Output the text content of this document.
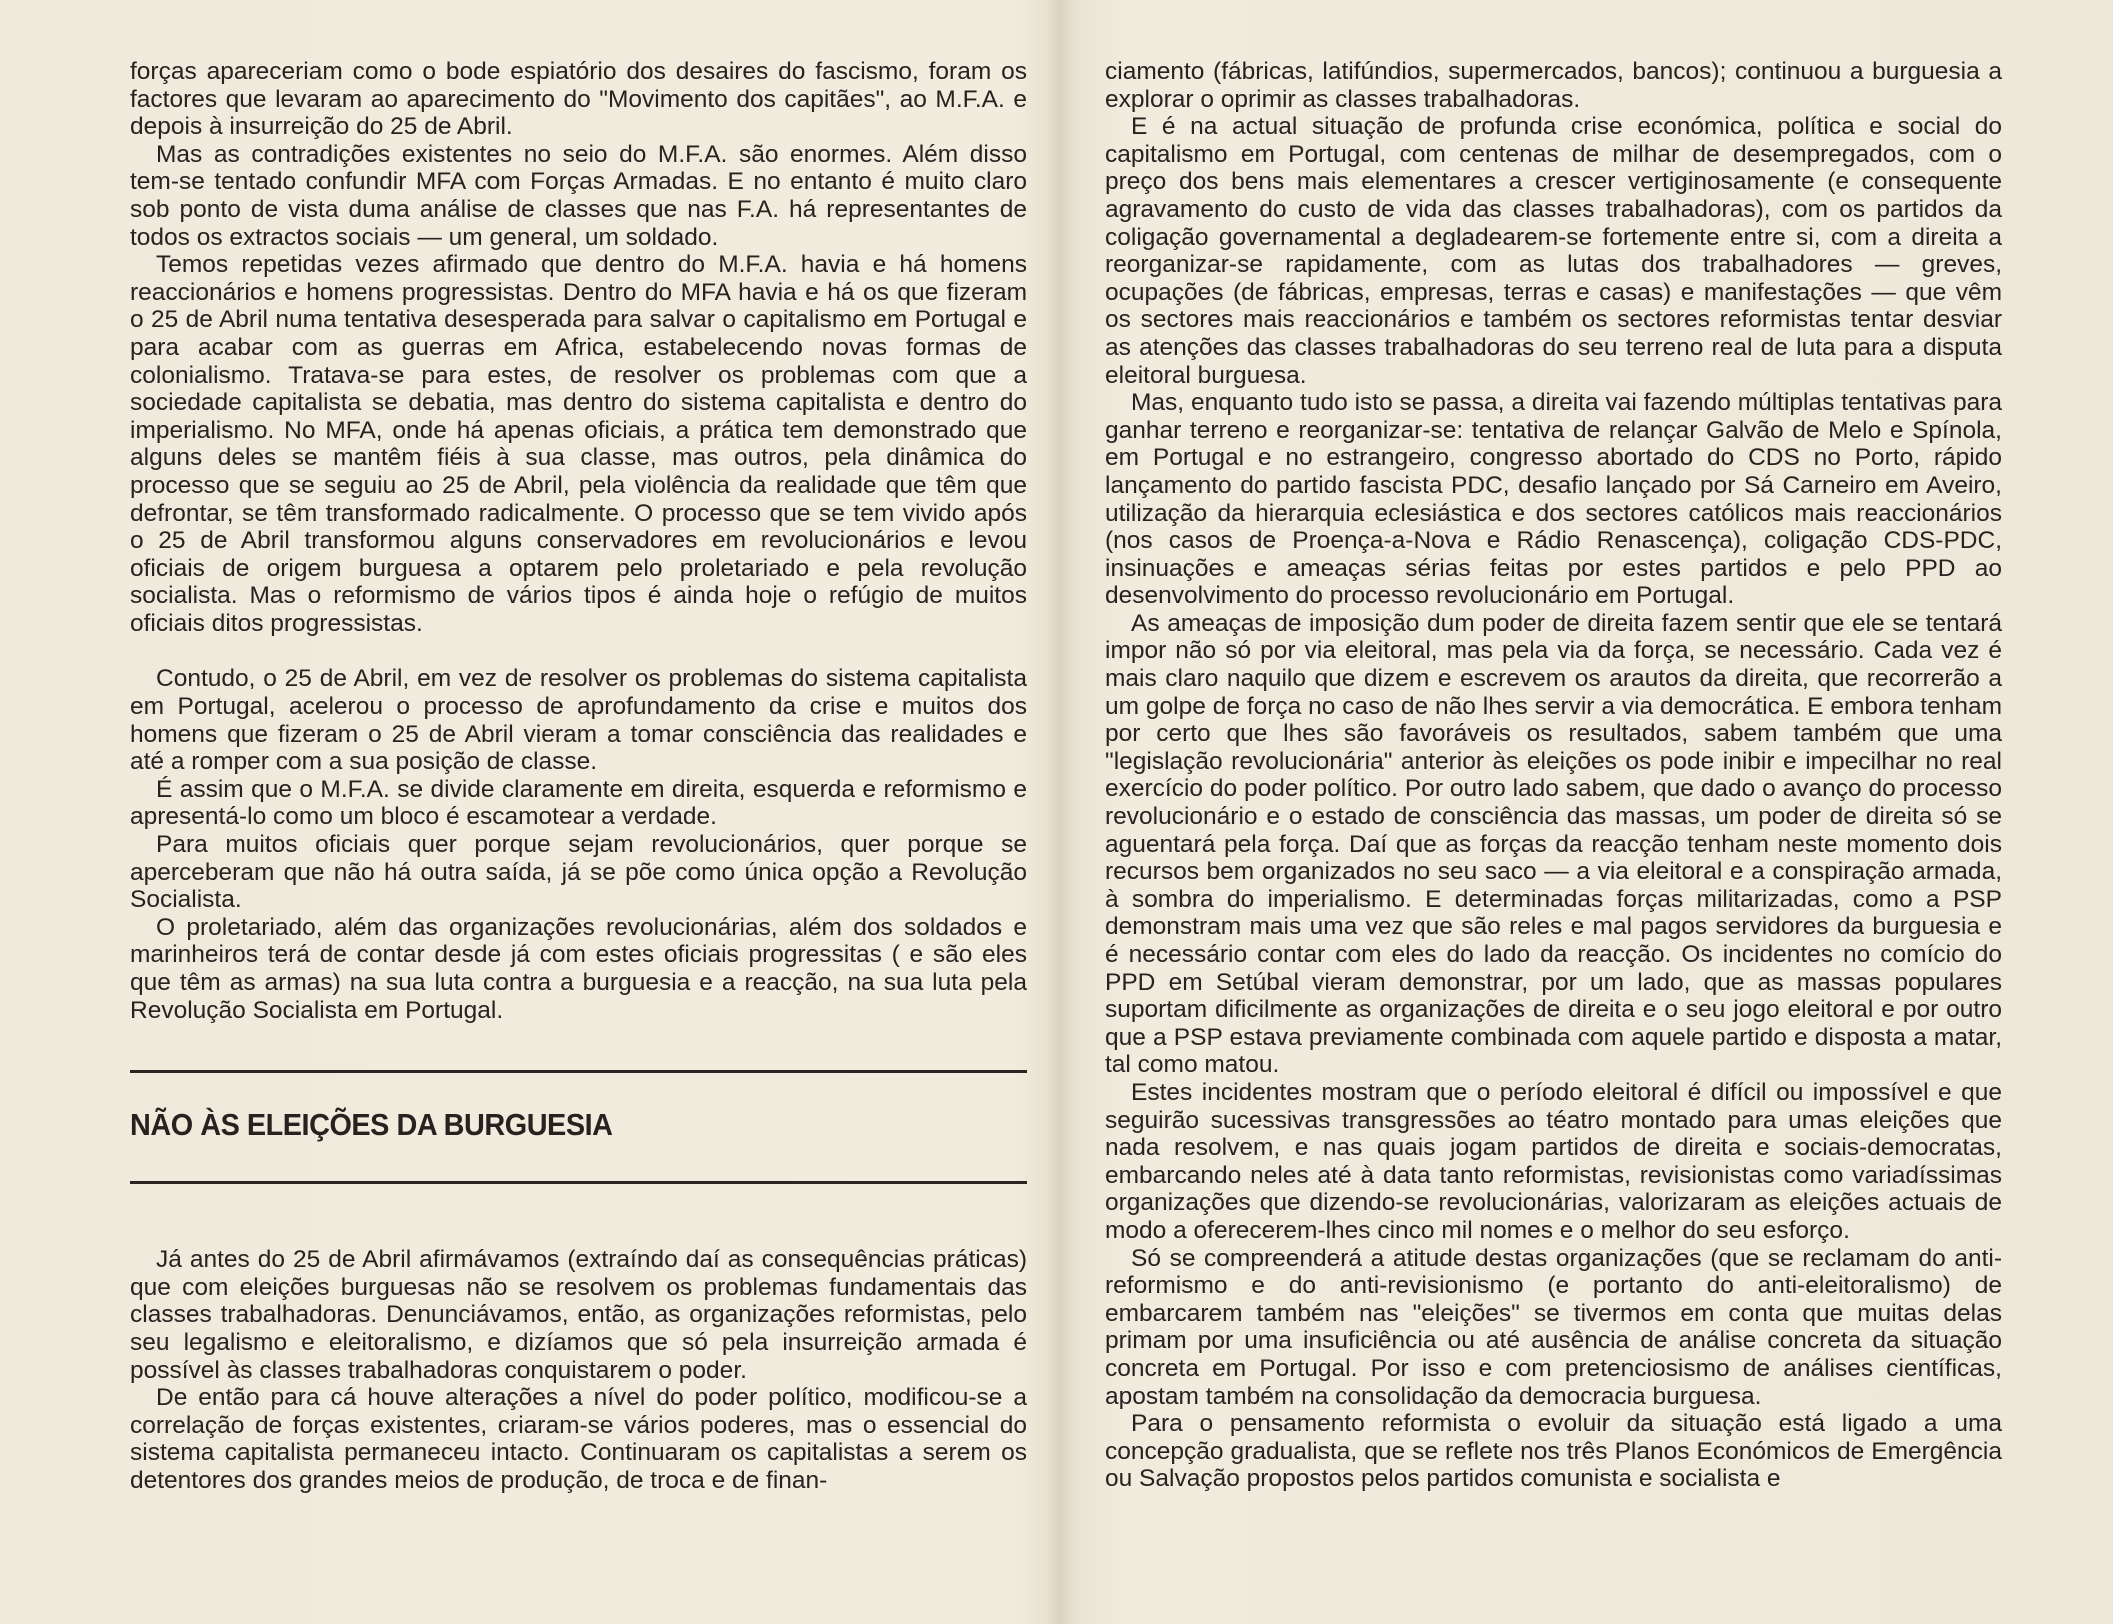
forças apareceriam como o bode espiatório dos desaires do fascismo, foram os factores que levaram ao aparecimento do "Movimento dos capitães", ao M.F.A. e depois à insurreição do 25 de Abril.

Mas as contradições existentes no seio do M.F.A. são enormes. Além disso tem-se tentado confundir MFA com Forças Armadas. E no entanto é muito claro sob ponto de vista duma análise de classes que nas F.A. há representantes de todos os extractos sociais — um general, um soldado.

Temos repetidas vezes afirmado que dentro do M.F.A. havia e há homens reaccionários e homens progressistas. Dentro do MFA havia e há os que fizeram o 25 de Abril numa tentativa desesperada para salvar o capitalismo em Portugal e para acabar com as guerras em Africa, estabelecendo novas formas de colonialismo. Tratava-se para estes, de resolver os problemas com que a sociedade capitalista se debatia, mas dentro do sistema capitalista e dentro do imperialismo. No MFA, onde há apenas oficiais, a prática tem demonstrado que alguns deles se mantêm fiéis à sua classe, mas outros, pela dinâmica do processo que se seguiu ao 25 de Abril, pela violência da realidade que têm que defrontar, se têm transformado radicalmente. O processo que se tem vivido após o 25 de Abril transformou alguns conservadores em revolucionários e levou oficiais de origem burguesa a optarem pelo proletariado e pela revolução socialista. Mas o reformismo de vários tipos é ainda hoje o refúgio de muitos oficiais ditos progressistas.

Contudo, o 25 de Abril, em vez de resolver os problemas do sistema capitalista em Portugal, acelerou o processo de aprofundamento da crise e muitos dos homens que fizeram o 25 de Abril vieram a tomar consciência das realidades e até a romper com a sua posição de classe.

É assim que o M.F.A. se divide claramente em direita, esquerda e reformismo e apresentá-lo como um bloco é escamotear a verdade.

Para muitos oficiais quer porque sejam revolucionários, quer porque se aperceberam que não há outra saída, já se põe como única opção a Revolução Socialista.

O proletariado, além das organizações revolucionárias, além dos soldados e marinheiros terá de contar desde já com estes oficiais progressitas ( e são eles que têm as armas) na sua luta contra a burguesia e a reacção, na sua luta pela Revolução Socialista em Portugal.

NÃO ÀS ELEIÇÕES DA BURGUESIA

Já antes do 25 de Abril afirmávamos (extraíndo daí as consequências práticas) que com eleições burguesas não se resolvem os problemas fundamentais das classes trabalhadoras. Denunciávamos, então, as organizações reformistas, pelo seu legalismo e eleitoralismo, e dizíamos que só pela insurreição armada é possível às classes trabalhadoras conquistarem o poder.

De então para cá houve alterações a nível do poder político, modificou-se a correlação de forças existentes, criaram-se vários poderes, mas o essencial do sistema capitalista permaneceu intacto. Continuaram os capitalistas a serem os detentores dos grandes meios de produção, de troca e de finan-

ciamento (fábricas, latifúndios, supermercados, bancos); continuou a burguesia a explorar o oprimir as classes trabalhadoras.

E é na actual situação de profunda crise económica, política e social do capitalismo em Portugal, com centenas de milhar de desempregados, com o preço dos bens mais elementares a crescer vertiginosamente (e consequente agravamento do custo de vida das classes trabalhadoras), com os partidos da coligação governamental a degladearem-se fortemente entre si, com a direita a reorganizar-se rapidamente, com as lutas dos trabalhadores — greves, ocupações (de fábricas, empresas, terras e casas) e manifestações — que vêm os sectores mais reaccionários e também os sectores reformistas tentar desviar as atenções das classes trabalhadoras do seu terreno real de luta para a disputa eleitoral burguesa.

Mas, enquanto tudo isto se passa, a direita vai fazendo múltiplas tentativas para ganhar terreno e reorganizar-se: tentativa de relançar Galvão de Melo e Spínola, em Portugal e no estrangeiro, congresso abortado do CDS no Porto, rápido lançamento do partido fascista PDC, desafio lançado por Sá Carneiro em Aveiro, utilização da hierarquia eclesiástica e dos sectores católicos mais reaccionários (nos casos de Proença-a-Nova e Rádio Renascença), coligação CDS-PDC, insinuações e ameaças sérias feitas por estes partidos e pelo PPD ao desenvolvimento do processo revolucionário em Portugal.

As ameaças de imposição dum poder de direita fazem sentir que ele se tentará impor não só por via eleitoral, mas pela via da força, se necessário. Cada vez é mais claro naquilo que dizem e escrevem os arautos da direita, que recorrerão a um golpe de força no caso de não lhes servir a via democrática. E embora tenham por certo que lhes são favoráveis os resultados, sabem também que uma "legislação revolucionária" anterior às eleições os pode inibir e impecilhar no real exercício do poder político. Por outro lado sabem, que dado o avanço do processo revolucionário e o estado de consciência das massas, um poder de direita só se aguentará pela força. Daí que as forças da reacção tenham neste momento dois recursos bem organizados no seu saco — a via eleitoral e a conspiração armada, à sombra do imperialismo. E determinadas forças militarizadas, como a PSP demonstram mais uma vez que são reles e mal pagos servidores da burguesia e é necessário contar com eles do lado da reacção. Os incidentes no comício do PPD em Setúbal vieram demonstrar, por um lado, que as massas populares suportam dificilmente as organizações de direita e o seu jogo eleitoral e por outro que a PSP estava previamente combinada com aquele partido e disposta a matar, tal como matou.

Estes incidentes mostram que o período eleitoral é difícil ou impossível e que seguirão sucessivas transgressões ao téatro montado para umas eleições que nada resolvem, e nas quais jogam partidos de direita e sociais-democratas, embarcando neles até à data tanto reformistas, revisionistas como variadíssimas organizações que dizendo-se revolucionárias, valorizaram as eleições actuais de modo a oferecerem-lhes cinco mil nomes e o melhor do seu esforço.

Só se compreenderá a atitude destas organizações (que se reclamam do anti-reformismo e do anti-revisionismo (e portanto do anti-eleitoralismo) de embarcarem também nas "eleições" se tivermos em conta que muitas delas primam por uma insuficiência ou até ausência de análise concreta da situação concreta em Portugal. Por isso e com pretenciosismo de análises científicas, apostam também na consolidação da democracia burguesa.

Para o pensamento reformista o evoluir da situação está ligado a uma concepção gradualista, que se reflete nos três Planos Económicos de Emergência ou Salvação propostos pelos partidos comunista e socialista e
